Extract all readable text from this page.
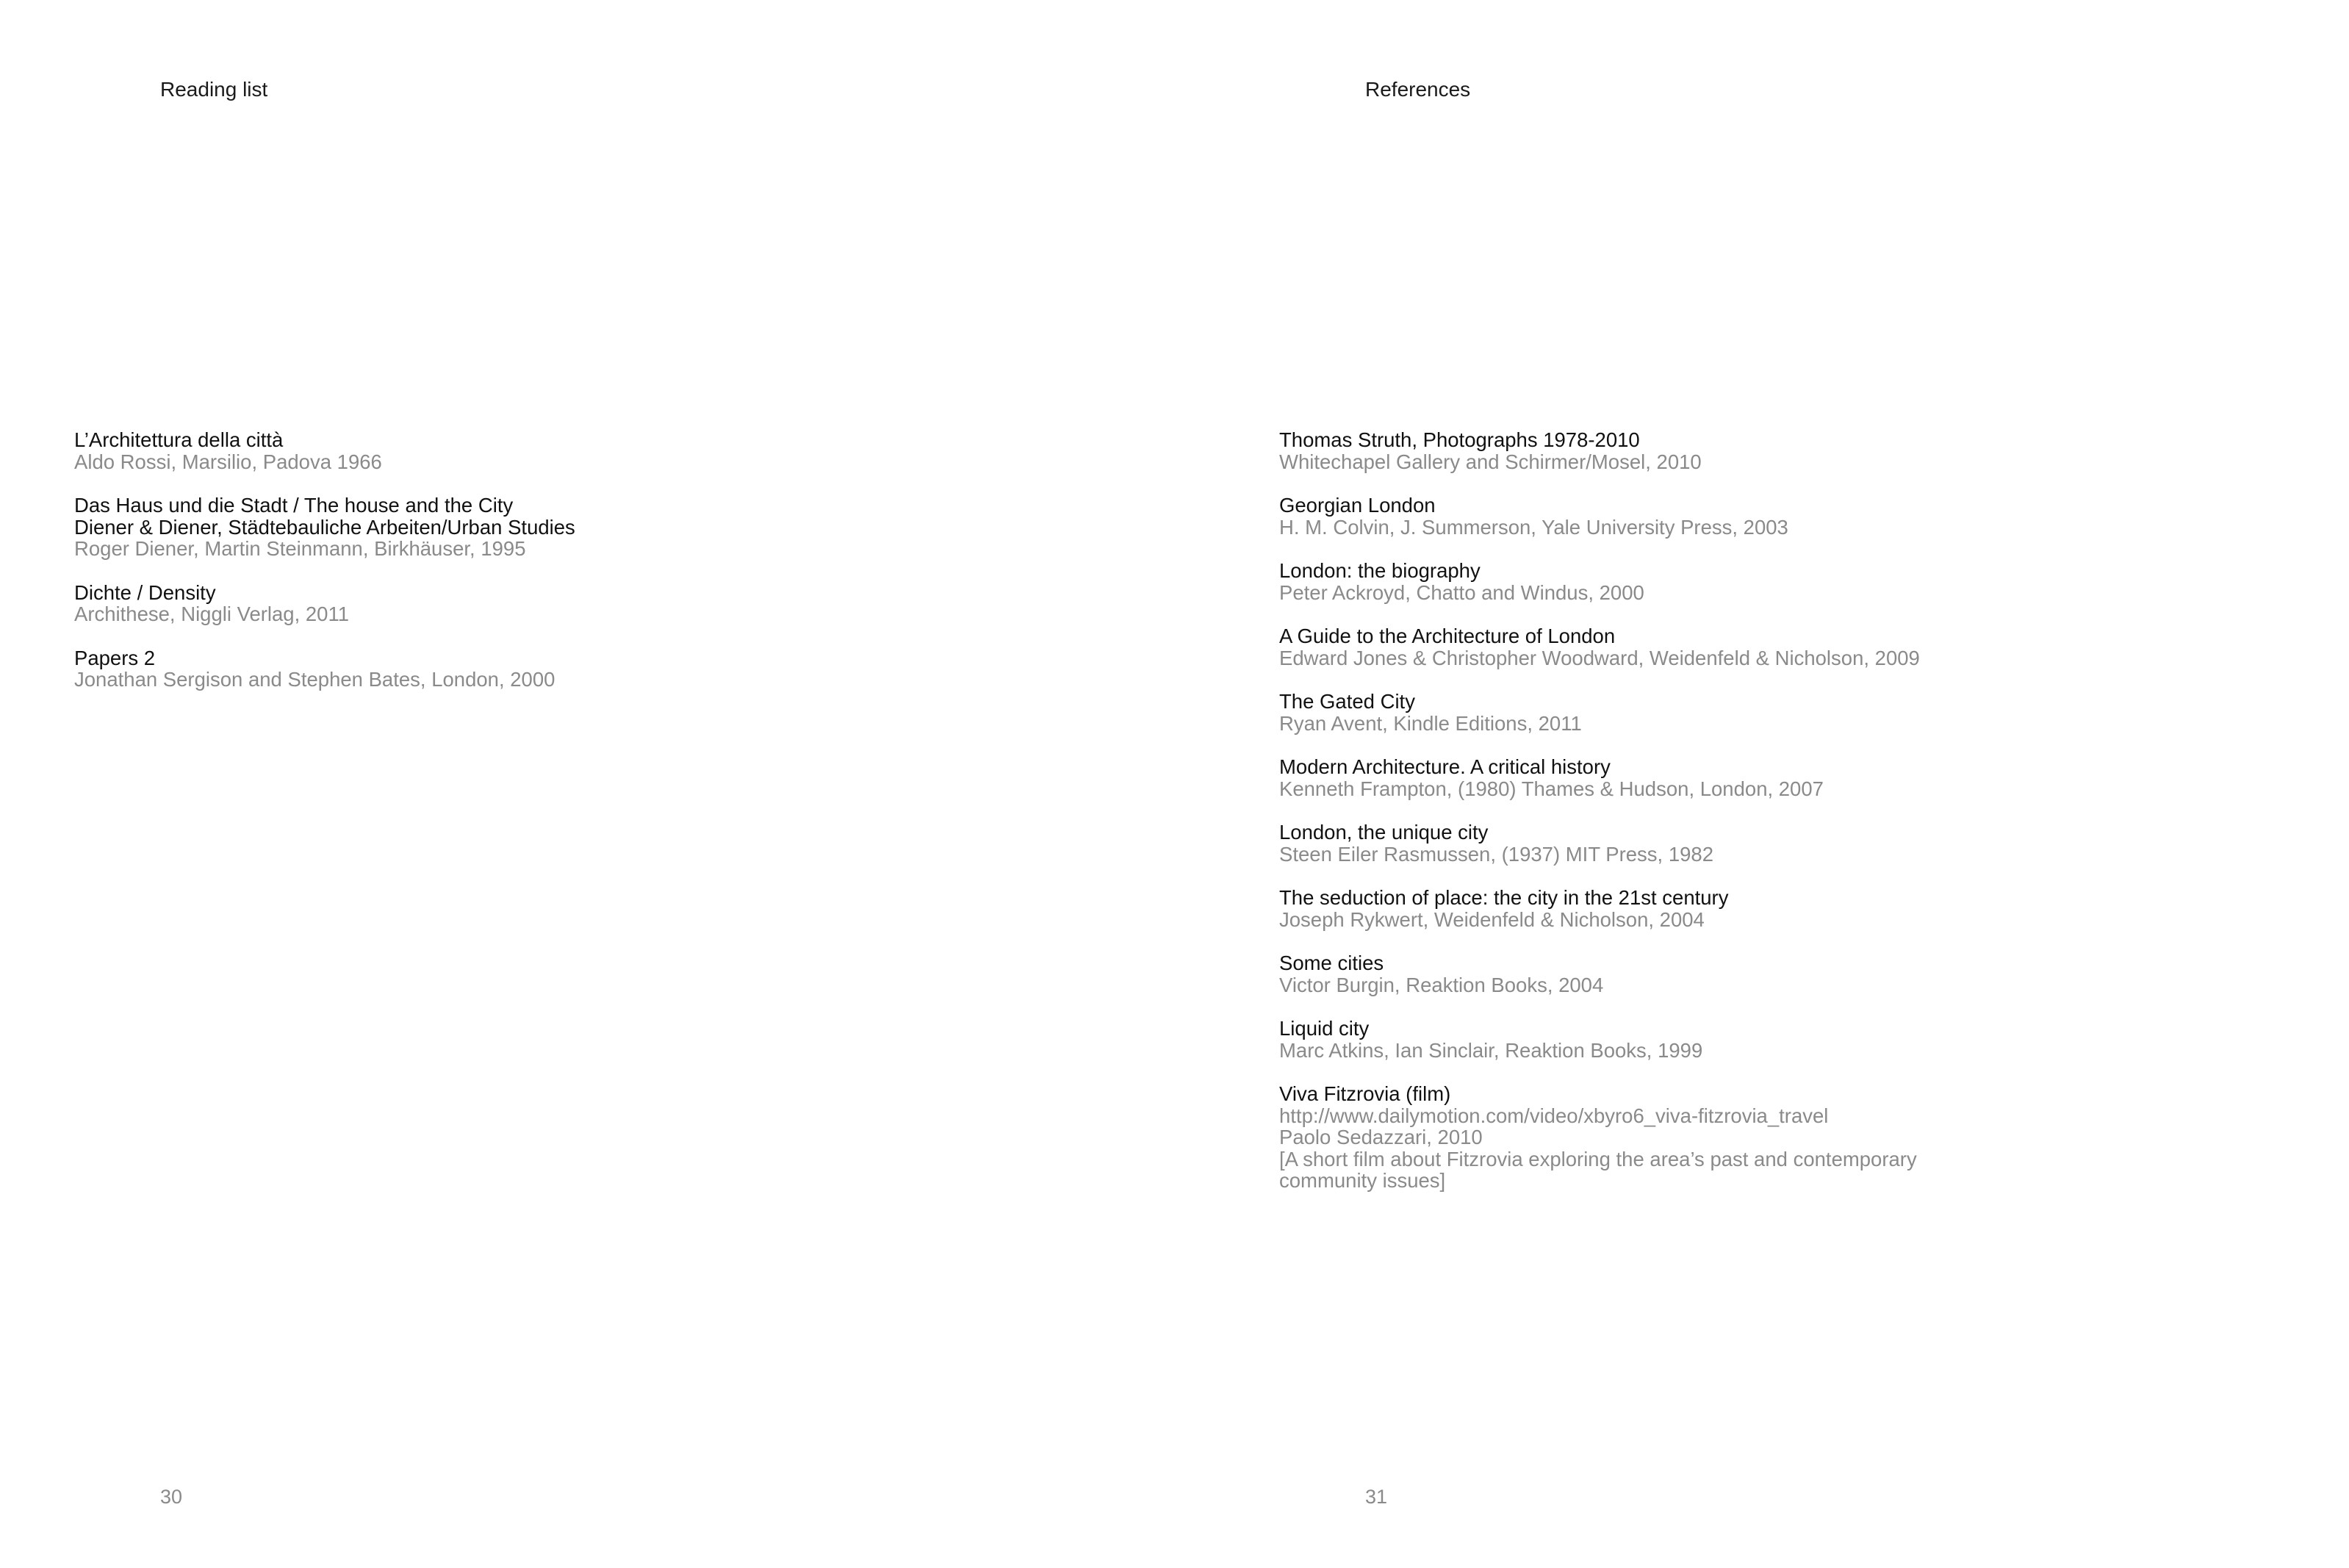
Reading list
L’Architettura della città
Aldo Rossi, Marsilio, Padova 1966
Das Haus und die Stadt / The house and the City
Diener & Diener, Städtebauliche Arbeiten/Urban Studies
Roger Diener, Martin Steinmann, Birkhäuser, 1995
Dichte / Density
Archithese, Niggli Verlag, 2011
Papers 2
Jonathan Sergison and Stephen Bates, London, 2000
30
References
Thomas Struth, Photographs 1978-2010
Whitechapel Gallery and Schirmer/Mosel, 2010
Georgian London
H. M. Colvin, J. Summerson, Yale University Press, 2003
London: the biography
Peter Ackroyd, Chatto and Windus, 2000
A Guide to the Architecture of London
Edward Jones & Christopher Woodward, Weidenfeld & Nicholson, 2009
The Gated City
Ryan Avent, Kindle Editions, 2011
Modern Architecture. A critical history
Kenneth Frampton, (1980) Thames & Hudson, London, 2007
London, the unique city
Steen Eiler Rasmussen, (1937) MIT Press, 1982
The seduction of place: the city in the 21st century
Joseph Rykwert, Weidenfeld & Nicholson, 2004
Some cities
Victor Burgin, Reaktion Books, 2004
Liquid city
Marc Atkins, Ian Sinclair, Reaktion Books, 1999
Viva Fitzrovia (film)
http://www.dailymotion.com/video/xbyro6_viva-fitzrovia_travel
Paolo Sedazzari, 2010
[A short film about Fitzrovia exploring the area’s past and contemporary
community issues]
31
